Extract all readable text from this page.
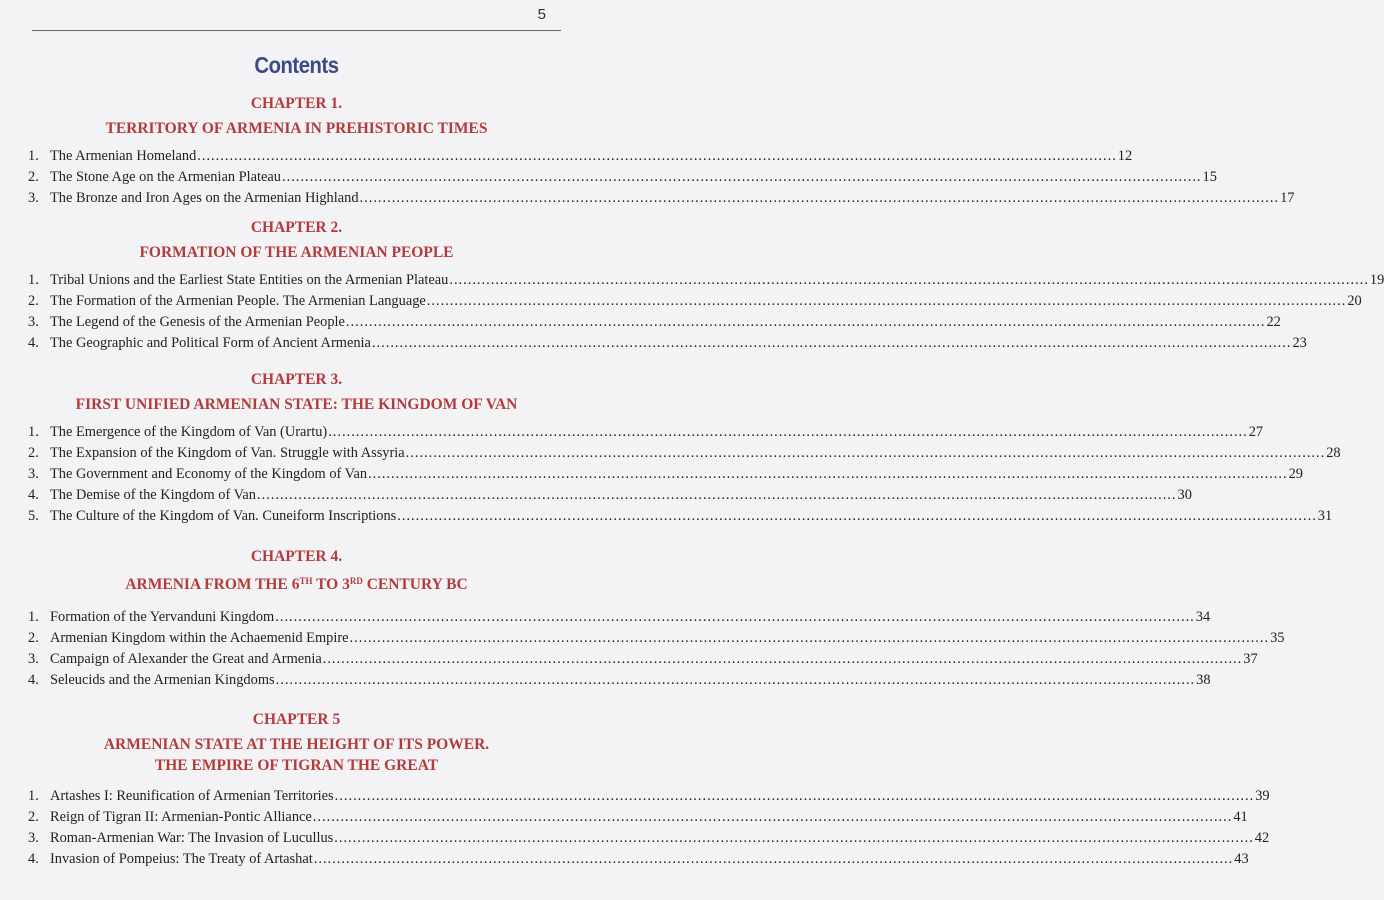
5
Contents
CHAPTER 1.
TERRITORY OF ARMENIA IN PREHISTORIC TIMES
1. The Armenian Homeland ........................................................................................................................................................................................................ 12
2. The Stone Age on the Armenian Plateau ........................................................................................................................................................................................................ 15
3. The Bronze and Iron Ages on the Armenian Highland ........................................................................................................................................................................................................ 17
CHAPTER 2.
FORMATION OF THE ARMENIAN PEOPLE
1. Tribal Unions and the Earliest State Entities on the Armenian Plateau ........................................................................................................................................................................................................ 19
2. The Formation of the Armenian People. The Armenian Language ........................................................................................................................................................................................................ 20
3. The Legend of the Genesis of the Armenian People ........................................................................................................................................................................................................ 22
4. The Geographic and Political Form of Ancient Armenia ........................................................................................................................................................................................................ 23
CHAPTER 3.
FIRST UNIFIED ARMENIAN STATE: THE KINGDOM OF VAN
1. The Emergence of the Kingdom of Van (Urartu) ........................................................................................................................................................................................................ 27
2. The Expansion of the Kingdom of Van. Struggle with Assyria ........................................................................................................................................................................................................ 28
3. The Government and Economy of the Kingdom of Van ........................................................................................................................................................................................................ 29
4. The Demise of the Kingdom of Van ........................................................................................................................................................................................................ 30
5. The Culture of the Kingdom of Van. Cuneiform Inscriptions ........................................................................................................................................................................................................ 31
CHAPTER 4.
ARMENIA FROM THE 6TH TO 3RD CENTURY BC
1. Formation of the Yervanduni Kingdom ........................................................................................................................................................................................................ 34
2. Armenian Kingdom within the Achaemenid Empire ........................................................................................................................................................................................................ 35
3. Campaign of Alexander the Great and Armenia ........................................................................................................................................................................................................ 37
4. Seleucids and the Armenian Kingdoms ........................................................................................................................................................................................................ 38
CHAPTER 5
ARMENIAN STATE AT THE HEIGHT OF ITS POWER.
THE EMPIRE OF TIGRAN THE GREAT
1. Artashes I: Reunification of Armenian Territories ........................................................................................................................................................................................................ 39
2. Reign of Tigran II: Armenian-Pontic Alliance ........................................................................................................................................................................................................ 41
3. Roman-Armenian War: The Invasion of Lucullus ........................................................................................................................................................................................................ 42
4. Invasion of Pompeius: The Treaty of Artashat ........................................................................................................................................................................................................ 43
